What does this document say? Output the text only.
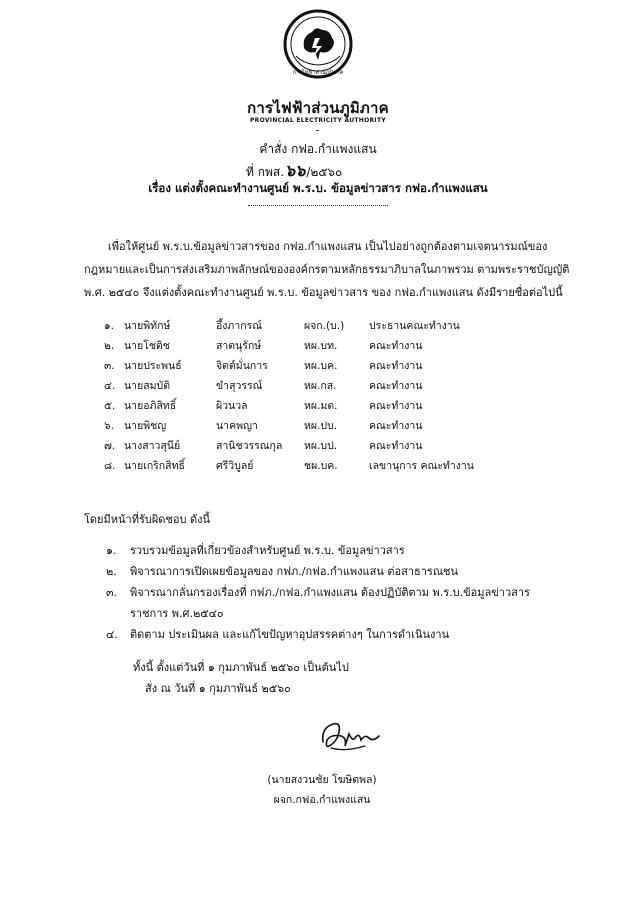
การไฟฟ้าส่วนภูมิภาค
การไฟฟ้าส่วนภูมิภาค
PROVINCIAL ELECTRICITY AUTHORITY
คำสั่ง กฟอ.กำแพงแสน
ที่ กพส.๖๖/๒๕๖๐
เรื่อง แต่งตั้งคณะทำงานศูนย์ พ.ร.บ. ข้อมูลข่าวสาร กฟอ.กำแพงแสน
เพื่อให้ศูนย์ พ.ร.บ.ข้อมูลข่าวสารของ กฟอ.กำแพงแสน เป็นไปอย่างถูกต้องตามเจตนารมณ์ของ
กฎหมายและเป็นการส่งเสริมภาพลักษณ์ขององค์กรตามหลักธรรมาภิบาลในภาพรวม ตามพระราชบัญญัติ
พ.ศ. ๒๕๔๐ จึงแต่งตั้งคณะทำงานศูนย์ พ.ร.บ. ข้อมูลข่าวสาร ของ กฟอ.กำแพงแสน ดังมีรายชื่อต่อไปนี้
๑.	นายพิทักษ์	อึ้งภากรณ์	ผจก.(บ.)	ประธานคณะทำงาน
๒.	นายโชติช	สาตนุรักษ์	หผ.บท.	คณะทำงาน
๓.	นายประพนธ์	จิตต์มั่นการ	หผ.บค.	คณะทำงาน
๔.	นายสมบัติ	ขำสุวรรณ์	หผ.กส.	คณะทำงาน
๕.	นายอภิสิทธิ์	ผิวนวล	หผ.มต.	คณะทำงาน
๖.	นายพิชญ	นาคพญา	หผ.ปบ.	คณะทำงาน
๗.	นางสาวสุนีย์	สานิชวรรณกุล	หผ.บป.	คณะทำงาน
๘.	นายเกริกสิทธิ์	ศรีวิบูลย์	ชผ.บค.	เลขานุการ คณะทำงาน
โดยมีหน้าที่รับผิดชอบ ดังนี้
๑.	รวบรวมข้อมูลที่เกี่ยวข้องสำหรับศูนย์ พ.ร.บ. ข้อมูลข่าวสาร
๒.	พิจารณาการเปิดเผยข้อมูลของ กฟภ./กฟอ.กำแพงแสน ต่อสาธารณชน
๓.	พิจารณากลั่นกรองเรื่องที่ กฟภ./กฟอ.กำแพงแสน ต้องปฏิบัติตาม พ.ร.บ.ข้อมูลข่าวสารราชการ พ.ศ.๒๕๔๐
๔.	ติดตาม ประเมินผล และแก้ไขปัญหาอุปสรรคต่างๆ ในการดำเนินงาน
ทั้งนี้ ตั้งแต่วันที่ ๑ กุมภาพันธ์ ๒๕๖๐ เป็นต้นไป
สั่ง ณ วันที่ ๑ กุมภาพันธ์ ๒๕๖๐
(นายสงวนชัย โฆษิตพล)
ผจก.กฟอ.กำแพงแสน
